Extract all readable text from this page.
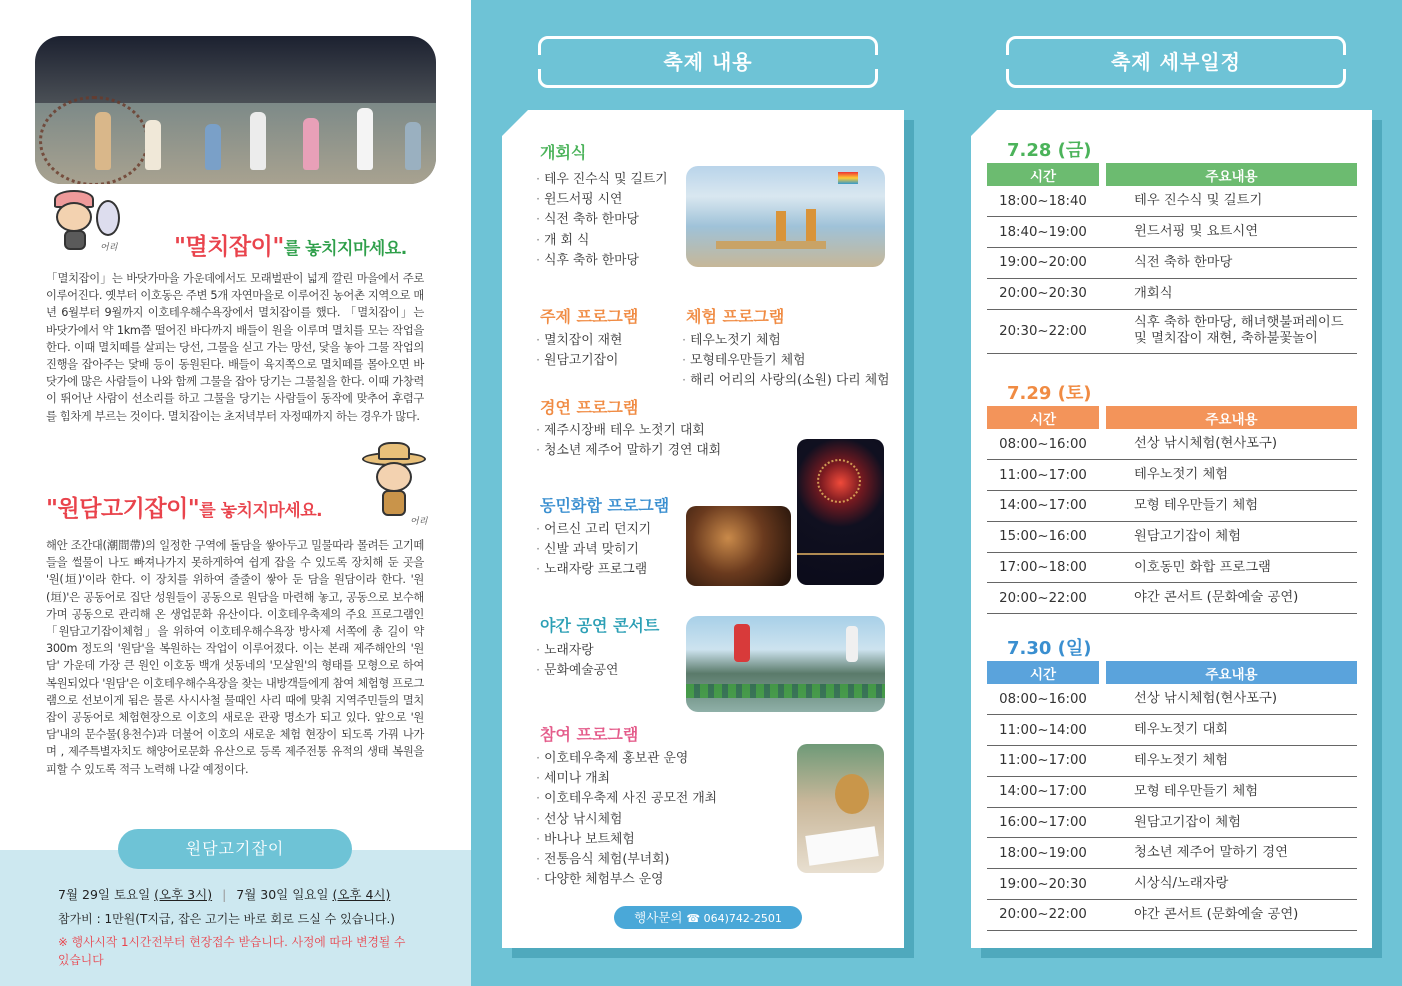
어리 "멸치잡이"를 놓치지마세요.

「멸치잡이」는 바닷가마을 가운데에서도 모래벌판이 넓게 깔린 마을에서 주로 이루어진다. 옛부터 이호동은 주변 5개 자연마을로 이루어진 농어촌 지역으로 매년 6월부터 9월까지 이호테우해수욕장에서 멸치잡이를 했다. 「멸치잡이」는 바닷가에서 약 1km쯤 떨어진 바다까지 배들이 원을 이루며 멸치를 모는 작업을 한다. 이때 멸치떼를 살피는 당선, 그물을 싣고 가는 망선, 닻을 놓아 그물 작업의 진행을 잡아주는 닻배 등이 동원된다. 배들이 육지쪽으로 멸치떼를 몰아오면 바닷가에 많은 사람들이 나와 함께 그물을 잡아 당기는 그물칠을 한다. 이때 가창력이 뛰어난 사람이 선소리를 하고 그물을 당기는 사람들이 동작에 맞추어 후렴구를 힘차게 부르는 것이다. 멸치잡이는 초저녁부터 자정때까지 하는 경우가 많다.

어리
"원담고기잡이"를 놓치지마세요.

해안 조간대(潮間帶)의 일정한 구역에 돌담을 쌓아두고 밀물따라 몰려든 고기떼들을 썰물이 나도 빠져나가지 못하게하여 쉽게 잡을 수 있도록 장치해 둔 곳을 '원(垣)'이라 한다. 이 장치를 위하여 줄줄이 쌓아 둔 담을 원담이라 한다. '원(垣)'은 공동어로 집단 성원들이 공동으로 원담을 마련해 놓고, 공동으로 보수해가며 공동으로 관리해 온 생업문화 유산이다. 이호테우축제의 주요 프로그램인「원담고기잡이체험」을 위하여 이호테우해수욕장 방사제 서쪽에 총 길이 약 300m 정도의 '원담'을 복원하는 작업이 이루어졌다. 이는 본래 제주해안의 '원담' 가운데 가장 큰 원인 이호동 백개 섯동네의 '모살원'의 형태를 모형으로 하여 복원되었다 '원담'은 이호테우해수욕장을 찾는 내방객들에게 참여 체험형 프로그램으로 선보이게 됨은 물론 사시사철 물때인 사리 때에 맞춰 지역주민들의 멸치잡이 공동어로 체험현장으로 이호의 새로운 관광 명소가 되고 있다. 앞으로 '원담'내의 문수물(용천수)과 더불어 이호의 새로운 체험 현장이 되도록 가꿔 나가며 , 제주특별자치도 해양어로문화 유산으로 등록 제주전통 유적의 생태 복원을 피할 수 있도록 적극 노력해 나갈 예정이다.

원담고기잡이
7월 29일 토요일 (오후 3시) | 7월 30일 일요일 (오후 4시)
참가비 : 1만원(T지급, 잡은 고기는 바로 회로 드실 수 있습니다.)
※ 행사시작 1시간전부터 현장접수 받습니다. 사정에 따라 변경될 수 있습니다
축제 내용
개회식
· 테우 진수식 및 길트기
· 윈드서핑 시연
· 식전 축하 한마당
· 개 회 식
· 식후 축하 한마당
주제 프로그램
· 멸치잡이 재현
· 원담고기잡이
체험 프로그램
· 테우노젓기 체험
· 모형테우만들기 체험
· 해리 어리의 사랑의(소원) 다리 체험
경연 프로그램
· 제주시장배 테우 노젓기 대회
· 청소년 제주어 말하기 경연 대회
동민화합 프로그램
· 어르신 고리 던지기
· 신발 과녁 맞히기
· 노래자랑 프로그램
야간 공연 콘서트
· 노래자랑
· 문화예술공연
참여 프로그램
· 이호테우축제 홍보관 운영
· 세미나 개최
· 이호테우축제 사진 공모전 개최
· 선상 낚시체험
· 바나나 보트체험
· 전통음식 체험(부녀회)
· 다양한 체험부스 운영
행사문의 ☎ 064)742-2501
축제 세부일정
7.28 (금)
시간		주요내용
18:00~18:40		테우 진수식 및 길트기
18:40~19:00		윈드서핑 및 요트시연
19:00~20:00		식전 축하 한마당
20:00~20:30		개회식
20:30~22:00		식후 축하 한마당, 해녀햇불퍼레이드
및 멸치잡이 재현, 축하불꽃놀이
7.29 (토)
시간		주요내용
08:00~16:00		선상 낚시체험(현사포구)
11:00~17:00		테우노젓기 체험
14:00~17:00		모형 테우만들기 체험
15:00~16:00		원담고기잡이 체험
17:00~18:00		이호동민 화합 프로그램
20:00~22:00		야간 콘서트 (문화예술 공연)
7.30 (일)
시간		주요내용
08:00~16:00		선상 낚시체험(현사포구)
11:00~14:00		테우노젓기 대회
11:00~17:00		테우노젓기 체험
14:00~17:00		모형 테우만들기 체험
16:00~17:00		원담고기잡이 체험
18:00~19:00		청소년 제주어 말하기 경연
19:00~20:30		시상식/노래자랑
20:00~22:00		야간 콘서트 (문화예술 공연)
